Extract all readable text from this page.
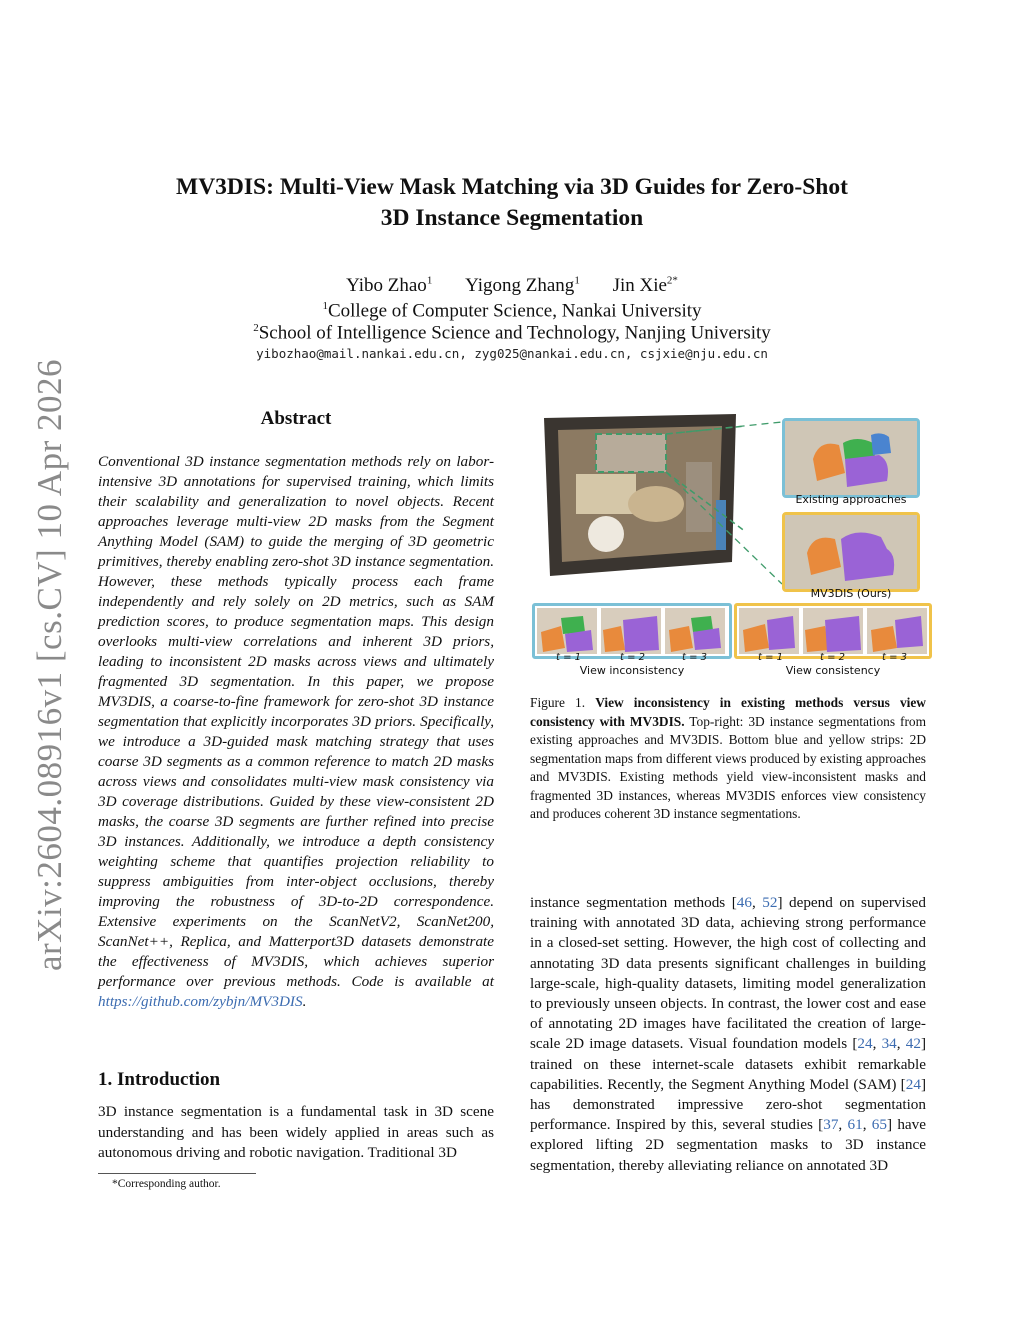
arXiv:2604.08916v1 [cs.CV] 10 Apr 2026
MV3DIS: Multi-View Mask Matching via 3D Guides for Zero-Shot
3D Instance Segmentation
Yibo Zhao$^1$ Yigong Zhang$^1$ Jin Xie$^{2*}$
$^1$College of Computer Science, Nankai University
$^2$School of Intelligence Science and Technology, Nanjing University
yibozhao@mail.nankai.edu.cn, zyg025@nankai.edu.cn, csjxie@nju.edu.cn
Abstract
Conventional 3D instance segmentation methods rely on labor-intensive 3D annotations for supervised training, which limits their scalability and generalization to novel objects. Recent approaches leverage multi-view 2D masks from the Segment Anything Model (SAM) to guide the merging of 3D geometric primitives, thereby enabling zero-shot 3D instance segmentation. However, these methods typically process each frame independently and rely solely on 2D metrics, such as SAM prediction scores, to produce segmentation maps. This design overlooks multi-view correlations and inherent 3D priors, leading to inconsistent 2D masks across views and ultimately fragmented 3D segmentation. In this paper, we propose MV3DIS, a coarse-to-fine framework for zero-shot 3D instance segmentation that explicitly incorporates 3D priors. Specifically, we introduce a 3D-guided mask matching strategy that uses coarse 3D segments as a common reference to match 2D masks across views and consolidates multi-view mask consistency via 3D coverage distributions. Guided by these view-consistent 2D masks, the coarse 3D segments are further refined into precise 3D instances. Additionally, we introduce a depth consistency weighting scheme that quantifies projection reliability to suppress ambiguities from inter-object occlusions, thereby improving the robustness of 3D-to-2D correspondence. Extensive experiments on the ScanNetV2, ScanNet200, ScanNet++, Replica, and Matterport3D datasets demonstrate the effectiveness of MV3DIS, which achieves superior performance over previous methods. Code is available at https://github.com/zybjn/MV3DIS.
1. Introduction
3D instance segmentation is a fundamental task in 3D scene understanding and has been widely applied in areas such as autonomous driving and robotic navigation. Traditional 3D
*Corresponding author.
Existing approaches
MV3DIS (Ours)
t = 1	t = 2	t = 3	t = 1	t = 2	t = 3
View inconsistency	View consistency
Figure 1. View inconsistency in existing methods versus view consistency with MV3DIS. Top-right: 3D instance segmentations from existing approaches and MV3DIS. Bottom blue and yellow strips: 2D segmentation maps from different views produced by existing approaches and MV3DIS. Existing methods yield view-inconsistent masks and fragmented 3D instances, whereas MV3DIS enforces view consistency and produces coherent 3D instance segmentations.
instance segmentation methods [46, 52] depend on supervised training with annotated 3D data, achieving strong performance in a closed-set setting. However, the high cost of collecting and annotating 3D data presents significant challenges in building large-scale, high-quality datasets, limiting model generalization to previously unseen objects. In contrast, the lower cost and ease of annotating 2D images have facilitated the creation of large-scale 2D image datasets. Visual foundation models [24, 34, 42] trained on these internet-scale datasets exhibit remarkable capabilities. Recently, the Segment Anything Model (SAM) [24] has demonstrated impressive zero-shot segmentation performance. Inspired by this, several studies [37, 61, 65] have explored lifting 2D segmentation masks to 3D instance segmentation, thereby alleviating reliance on annotated 3D
